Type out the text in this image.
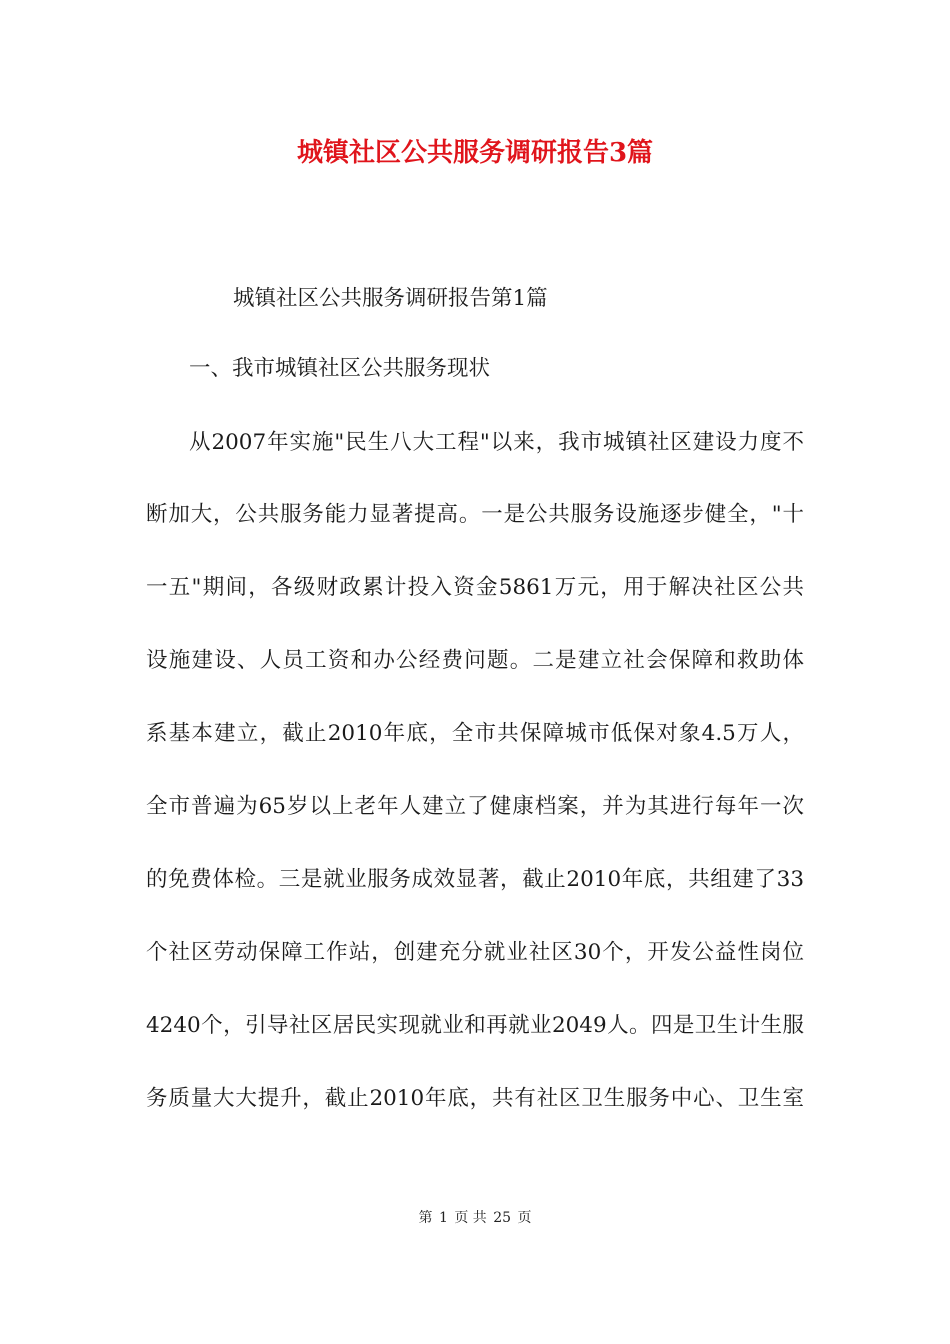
城镇社区公共服务调研报告3篇

城镇社区公共服务调研报告第1篇

一、我市城镇社区公共服务现状

从2007年实施"民生八大工程"以来，我市城镇社区建设力度不

断加大，公共服务能力显著提高。一是公共服务设施逐步健全，"十

一五"期间，各级财政累计投入资金5861万元，用于解决社区公共

设施建设、人员工资和办公经费问题。二是建立社会保障和救助体

系基本建立，截止2010年底，全市共保障城市低保对象4.5万人，

全市普遍为65岁以上老年人建立了健康档案，并为其进行每年一次

的免费体检。三是就业服务成效显著，截止2010年底，共组建了33

个社区劳动保障工作站，创建充分就业社区30个，开发公益性岗位

4240个，引导社区居民实现就业和再就业2049人。四是卫生计生服

务质量大大提升，截止2010年底，共有社区卫生服务中心、卫生室

第 1 页 共 25 页
